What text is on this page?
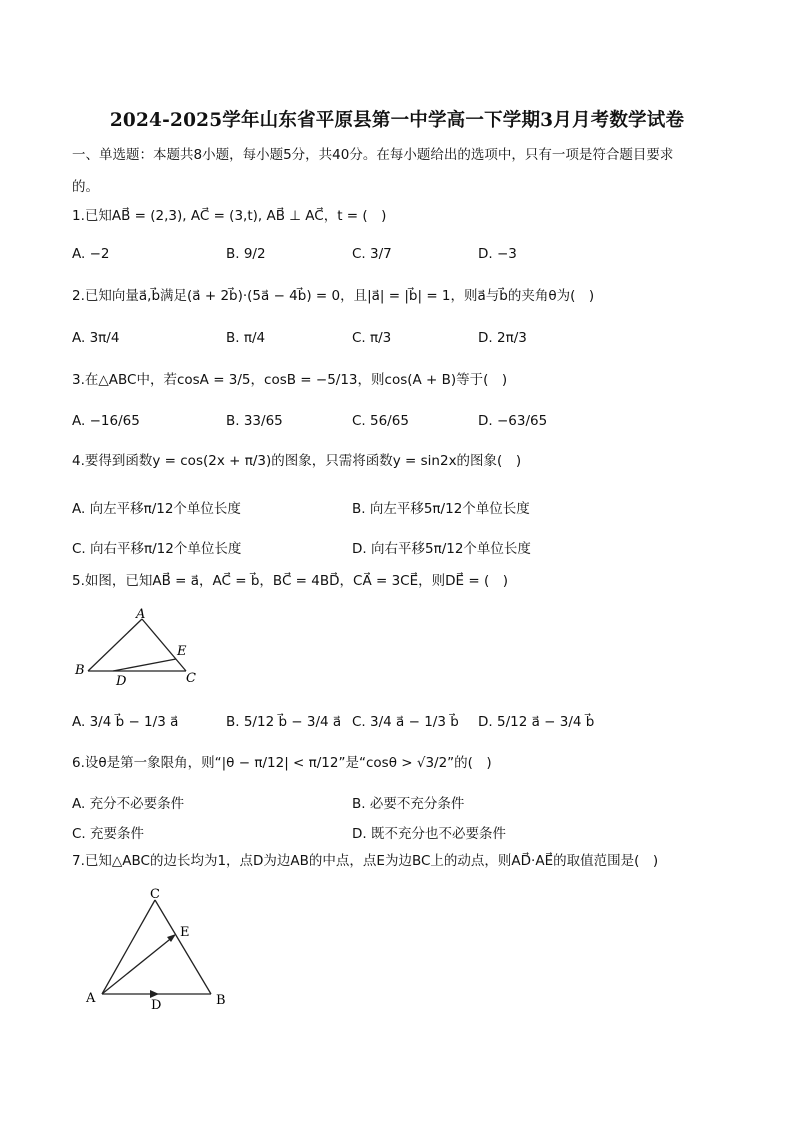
2024-2025学年山东省平原县第一中学高一下学期3月月考数学试卷
一、单选题：本题共8小题，每小题5分，共40分。在每小题给出的选项中，只有一项是符合题目要求
的。
1.已知AB⃗ = (2,3), AC⃗ = (3,t), AB⃗ ⊥ AC⃗，t = (　)
A. −2	B. 9/2	C. 3/7	D. −3
2.已知向量a⃗,b⃗满足(a⃗ + 2b⃗)·(5a⃗ − 4b⃗) = 0，且|a⃗| = |b⃗| = 1，则a⃗与b⃗的夹角θ为(　)
A. 3π/4	B. π/4	C. π/3	D. 2π/3
3.在△ABC中，若cosA = 3/5，cosB = −5/13，则cos(A + B)等于(　)
A. −16/65	B. 33/65	C. 56/65	D. −63/65
4.要得到函数y = cos(2x + π/3)的图象，只需将函数y = sin2x的图象(　)
A. 向左平移π/12个单位长度	B. 向左平移5π/12个单位长度
C. 向右平移π/12个单位长度	D. 向右平移5π/12个单位长度
5.如图，已知AB⃗ = a⃗，AC⃗ = b⃗，BC⃗ = 4BD⃗，CA⃗ = 3CE⃗，则DE⃗ = (　)
A
B
C
D
E
A. 3/4 b⃗ − 1/3 a⃗	B. 5/12 b⃗ − 3/4 a⃗ C. 3/4 a⃗ − 1/3 b⃗ D. 5/12 a⃗ − 3/4 b⃗
6.设θ是第一象限角，则“|θ − π/12| < π/12”是“cosθ > √3/2”的(　)
A. 充分不必要条件	B. 必要不充分条件
C. 充要条件	D. 既不充分也不必要条件
7.已知△ABC的边长均为1，点D为边AB的中点，点E为边BC上的动点，则AD⃗·AE⃗的取值范围是(　)
C
E
A	D	B
